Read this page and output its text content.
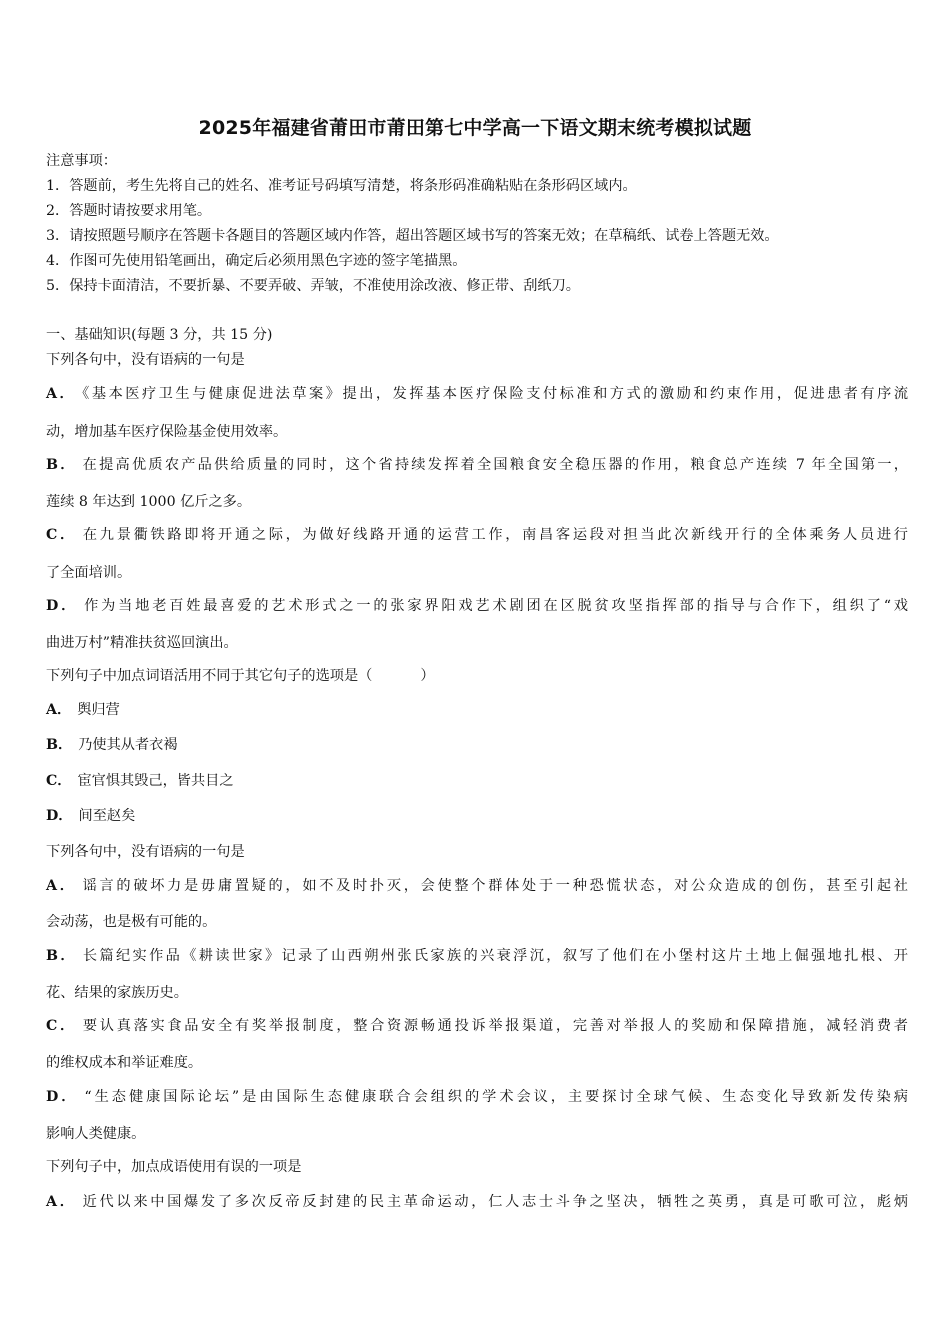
2025年福建省莆田市莆田第七中学高一下语文期末统考模拟试题
注意事项：
1．答题前，考生先将自己的姓名、准考证号码填写清楚，将条形码准确粘贴在条形码区域内。
2．答题时请按要求用笔。
3．请按照题号顺序在答题卡各题目的答题区域内作答，超出答题区域书写的答案无效；在草稿纸、试卷上答题无效。
4．作图可先使用铅笔画出，确定后必须用黑色字迹的签字笔描黑。
5．保持卡面清洁，不要折暴、不要弄破、弄皱，不准使用涂改液、修正带、刮纸刀。
一、基础知识(每题 3 分，共 15 分)
下列各句中，没有语病的一句是
A． 《基本医疗卫生与健康促进法草案》提出，发挥基本医疗保险支付标准和方式的激励和约束作用，促进患者有序流
动，增加基车医疗保险基金使用效率。
B． 在提高优质农产品供给质量的同时，这个省持续发挥着全国粮食安全稳压器的作用，粮食总产连续 7 年全国第一，
莲续 8 年达到 1000 亿斤之多。
C． 在九景衢铁路即将开通之际，为做好线路开通的运营工作，南昌客运段对担当此次新线开行的全体乘务人员进行
了全面培训。
D． 作为当地老百姓最喜爱的艺术形式之一的张家界阳戏艺术剧团在区脱贫攻坚指挥部的指导与合作下，组织了“戏
曲进万村”精准扶贫巡回演出。
下列句子中加点词语活用不同于其它句子的选项是（	）
A． 舆归营
B． 乃使其从者衣褐
C． 宦官惧其毁己，皆共目之
D． 间至赵矣
下列各句中，没有语病的一句是
A． 谣言的破坏力是毋庸置疑的，如不及时扑灭，会使整个群体处于一种恐慌状态，对公众造成的创伤，甚至引起社
会动荡，也是极有可能的。
B． 长篇纪实作品《耕读世家》记录了山西朔州张氏家族的兴衰浮沉，叙写了他们在小堡村这片土地上倔强地扎根、开
花、结果的家族历史。
C． 要认真落实食品安全有奖举报制度，整合资源畅通投诉举报渠道，完善对举报人的奖励和保障措施，减轻消费者
的维权成本和举证难度。
D． “生态健康国际论坛”是由国际生态健康联合会组织的学术会议，主要探讨全球气候、生态变化导致新发传染病
影响人类健康。
下列句子中，加点成语使用有误的一项是
A． 近代以来中国爆发了多次反帝反封建的民主革命运动，仁人志士斗争之坚决，牺牲之英勇，真是可歌可泣，彪炳
